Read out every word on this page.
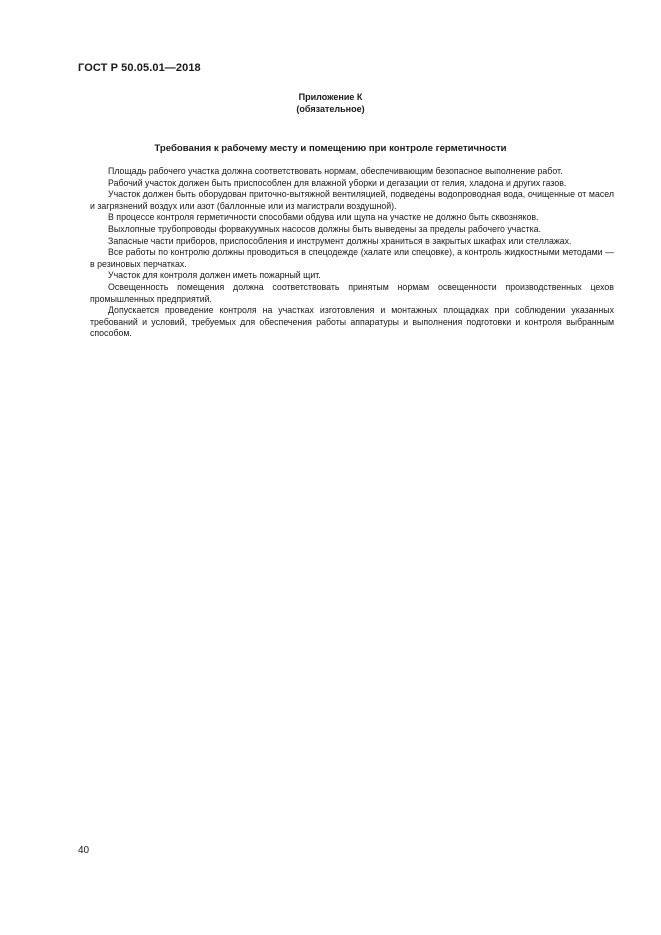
ГОСТ Р 50.05.01—2018
Приложение К
(обязательное)
Требования к рабочему месту и помещению при контроле герметичности

Площадь рабочего участка должна соответствовать нормам, обеспечивающим безопасное выполнение работ.

Рабочий участок должен быть приспособлен для влажной уборки и дегазации от гелия, хладона и других газов.

Участок должен быть оборудован приточно-вытяжной вентиляцией, подведены водопроводная вода, очищенные от масел и загрязнений воздух или азот (баллонные или из магистрали воздушной).

В процессе контроля герметичности способами обдува или щупа на участке не должно быть сквозняков.

Выхлопные трубопроводы форвакуумных насосов должны быть выведены за пределы рабочего участка.

Запасные части приборов, приспособления и инструмент должны храниться в закрытых шкафах или стеллажах.

Все работы по контролю должны проводиться в спецодежде (халате или спецовке), а контроль жидкостными методами — в резиновых перчатках.

Участок для контроля должен иметь пожарный щит.

Освещенность помещения должна соответствовать принятым нормам освещенности производственных цехов промышленных предприятий.

Допускается проведение контроля на участках изготовления и монтажных площадках при соблюдении указанных требований и условий, требуемых для обеспечения работы аппаратуры и выполнения подготовки и контроля выбранным способом.

40
